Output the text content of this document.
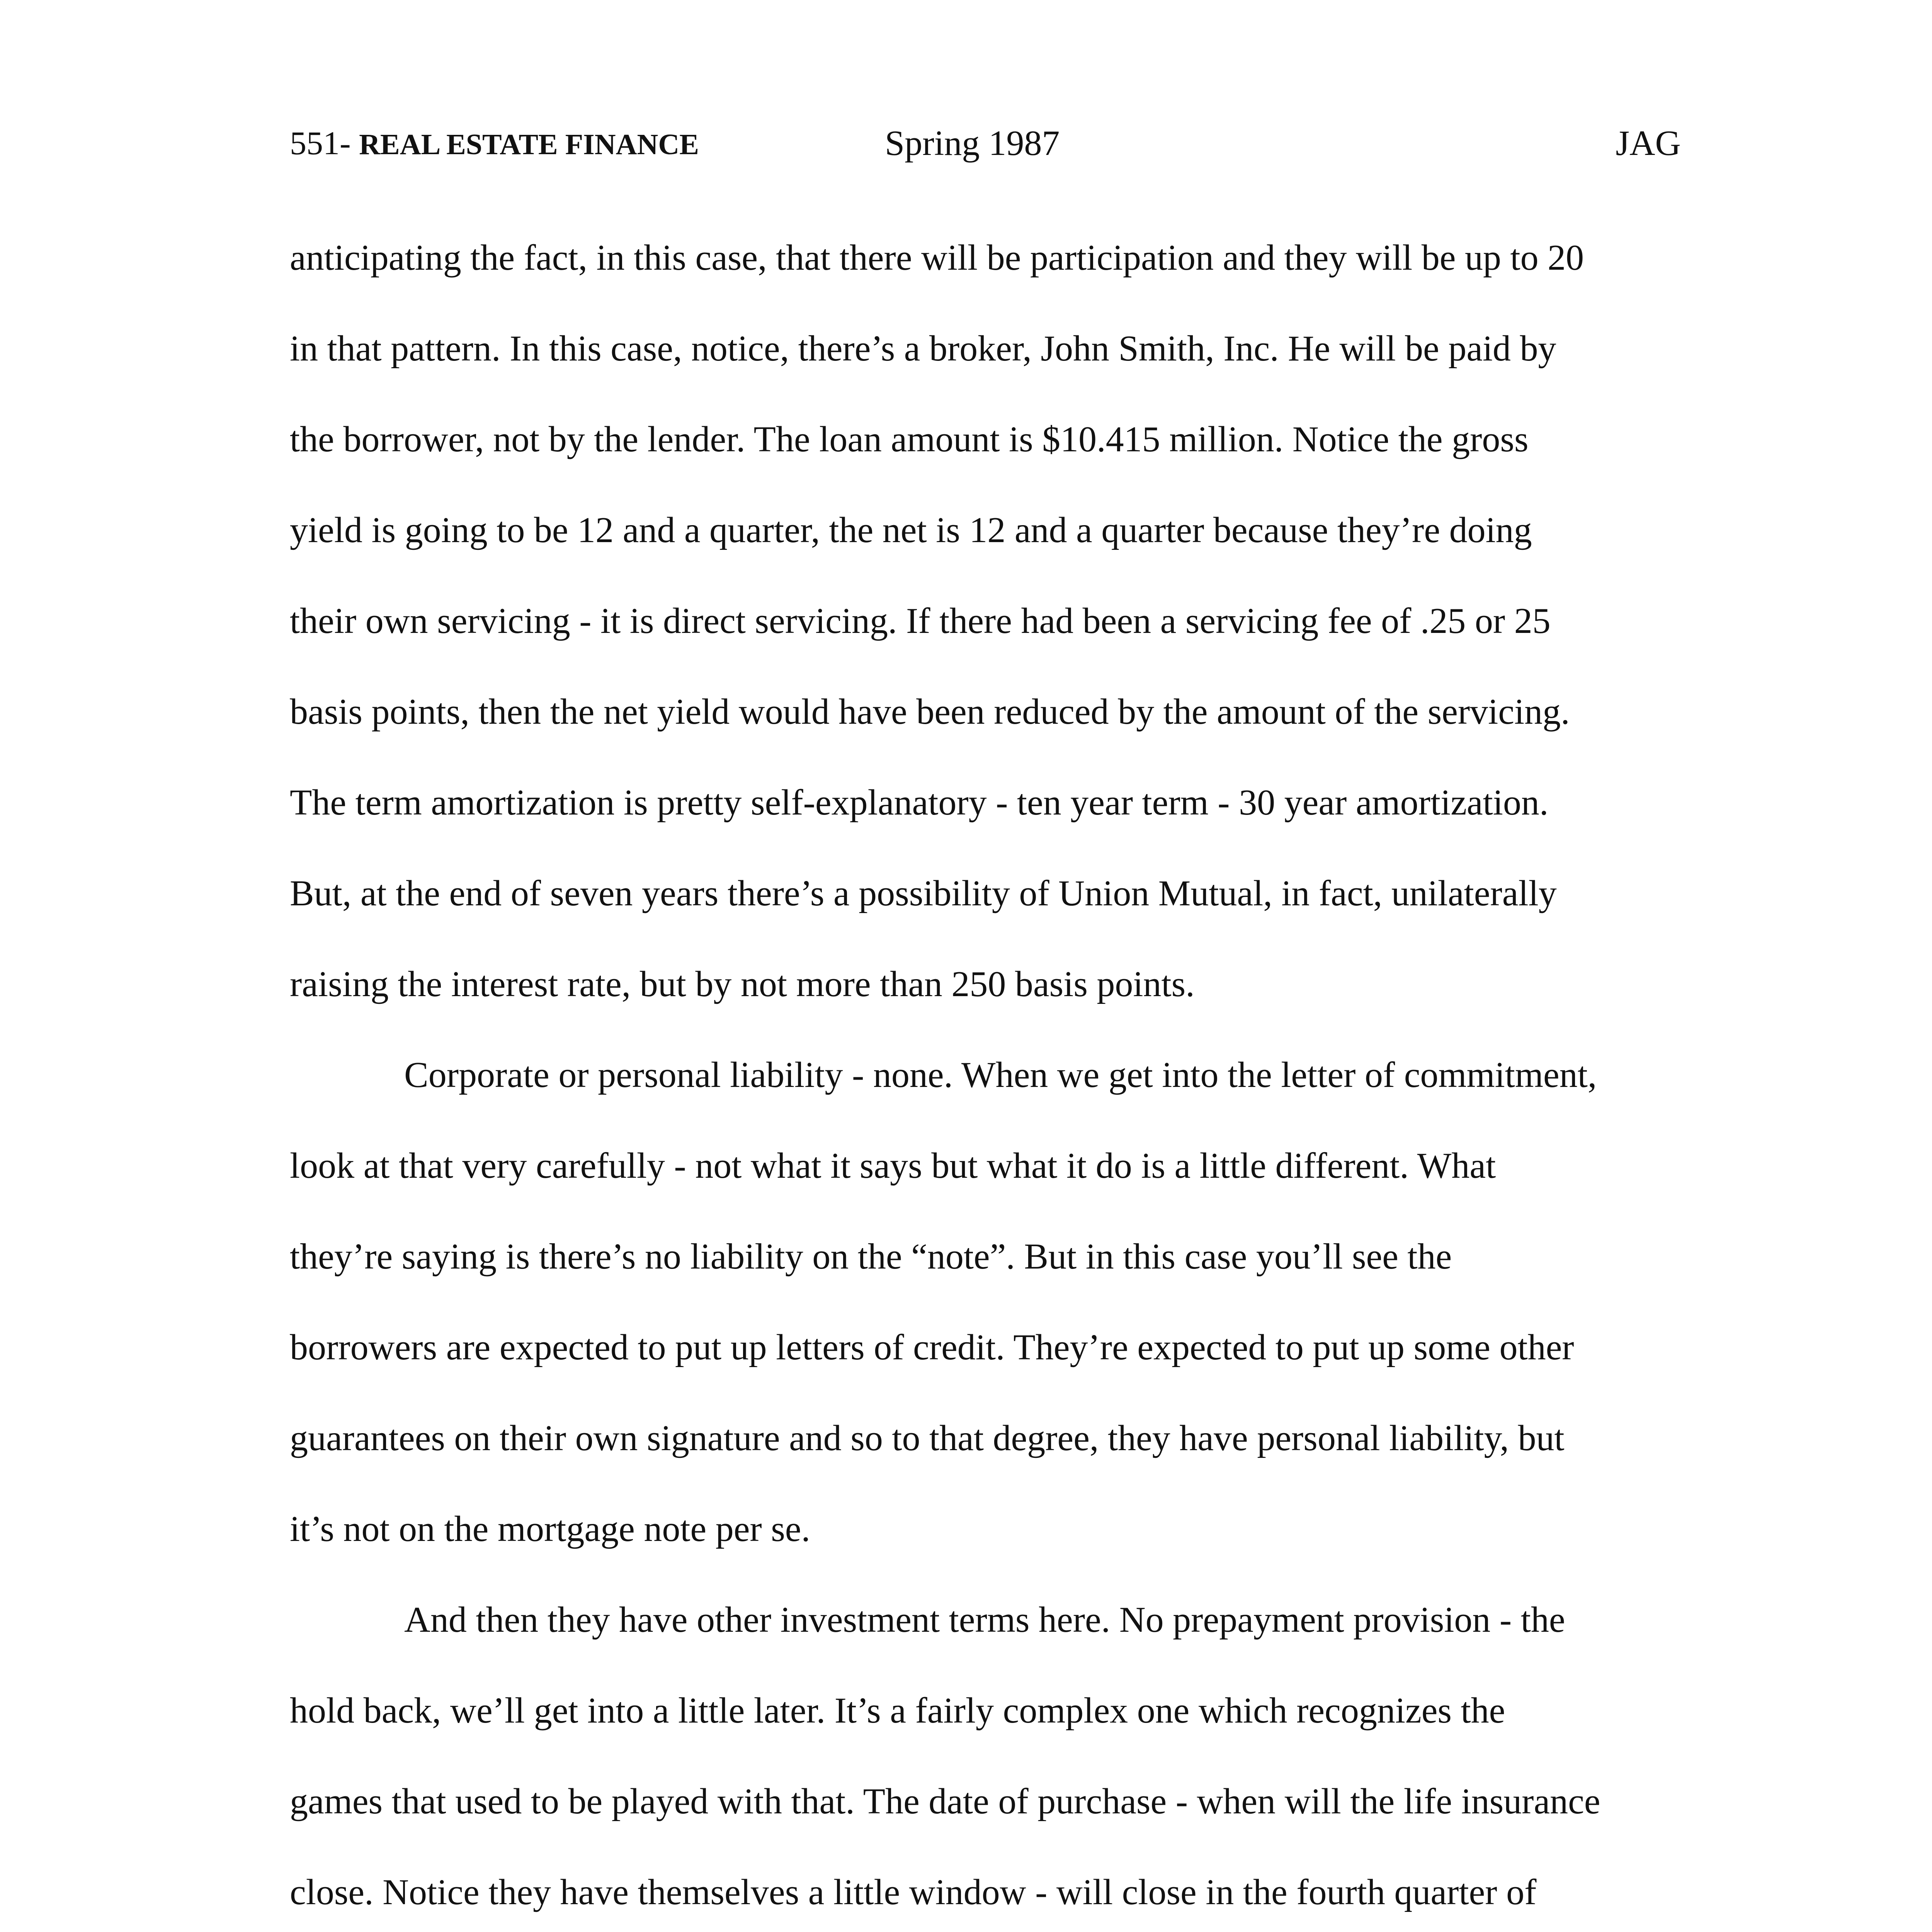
551- REAL ESTATE FINANCE	Spring 1987	JAG
anticipating the fact, in this case, that there will be participation and they will be up to 20
in that pattern. In this case, notice, there’s a broker, John Smith, Inc. He will be paid by
the borrower, not by the lender. The loan amount is $10.415 million. Notice the gross
yield is going to be 12 and a quarter, the net is 12 and a quarter because they’re doing
their own servicing - it is direct servicing. If there had been a servicing fee of .25 or 25
basis points, then the net yield would have been reduced by the amount of the servicing.
The term amortization is pretty self-explanatory - ten year term - 30 year amortization.
But, at the end of seven years there’s a possibility of Union Mutual, in fact, unilaterally
raising the interest rate, but by not more than 250 basis points.
Corporate or personal liability - none. When we get into the letter of commitment,
look at that very carefully - not what it says but what it do is a little different. What
they’re saying is there’s no liability on the “note”. But in this case you’ll see the
borrowers are expected to put up letters of credit. They’re expected to put up some other
guarantees on their own signature and so to that degree, they have personal liability, but
it’s not on the mortgage note per se.
And then they have other investment terms here. No prepayment provision - the
hold back, we’ll get into a little later. It’s a fairly complex one which recognizes the
games that used to be played with that. The date of purchase - when will the life insurance
close. Notice they have themselves a little window - will close in the fourth quarter of
